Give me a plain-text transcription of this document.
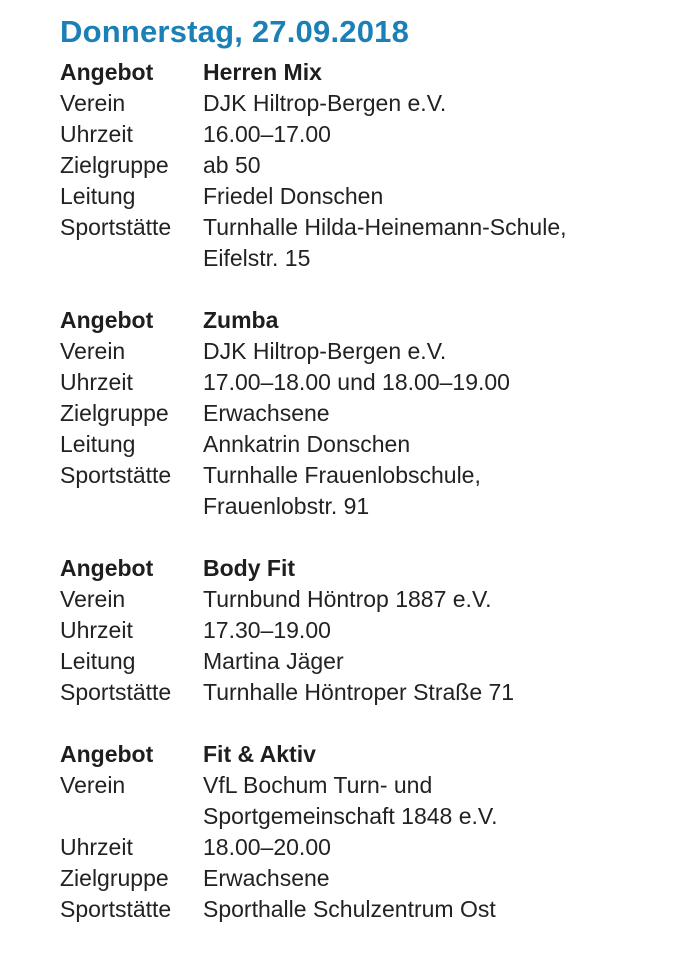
Donnerstag, 27.09.2018
Angebot	Herren Mix
Verein	DJK Hiltrop-Bergen e.V.
Uhrzeit	16.00–17.00
Zielgruppe	ab 50
Leitung	Friedel Donschen
Sportstätte	Turnhalle Hilda-Heinemann-Schule,
Eifelstr. 15
Angebot	Zumba
Verein	DJK Hiltrop-Bergen e.V.
Uhrzeit	17.00–18.00 und 18.00–19.00
Zielgruppe	Erwachsene
Leitung	Annkatrin Donschen
Sportstätte	Turnhalle Frauenlobschule,
Frauenlobstr. 91
Angebot	Body Fit
Verein	Turnbund Höntrop 1887 e.V.
Uhrzeit	17.30–19.00
Leitung	Martina Jäger
Sportstätte	Turnhalle Höntroper Straße 71
Angebot	Fit & Aktiv
Verein	VfL Bochum Turn- und
Sportgemeinschaft 1848 e.V.
Uhrzeit	18.00–20.00
Zielgruppe	Erwachsene
Sportstätte	Sporthalle Schulzentrum Ost
